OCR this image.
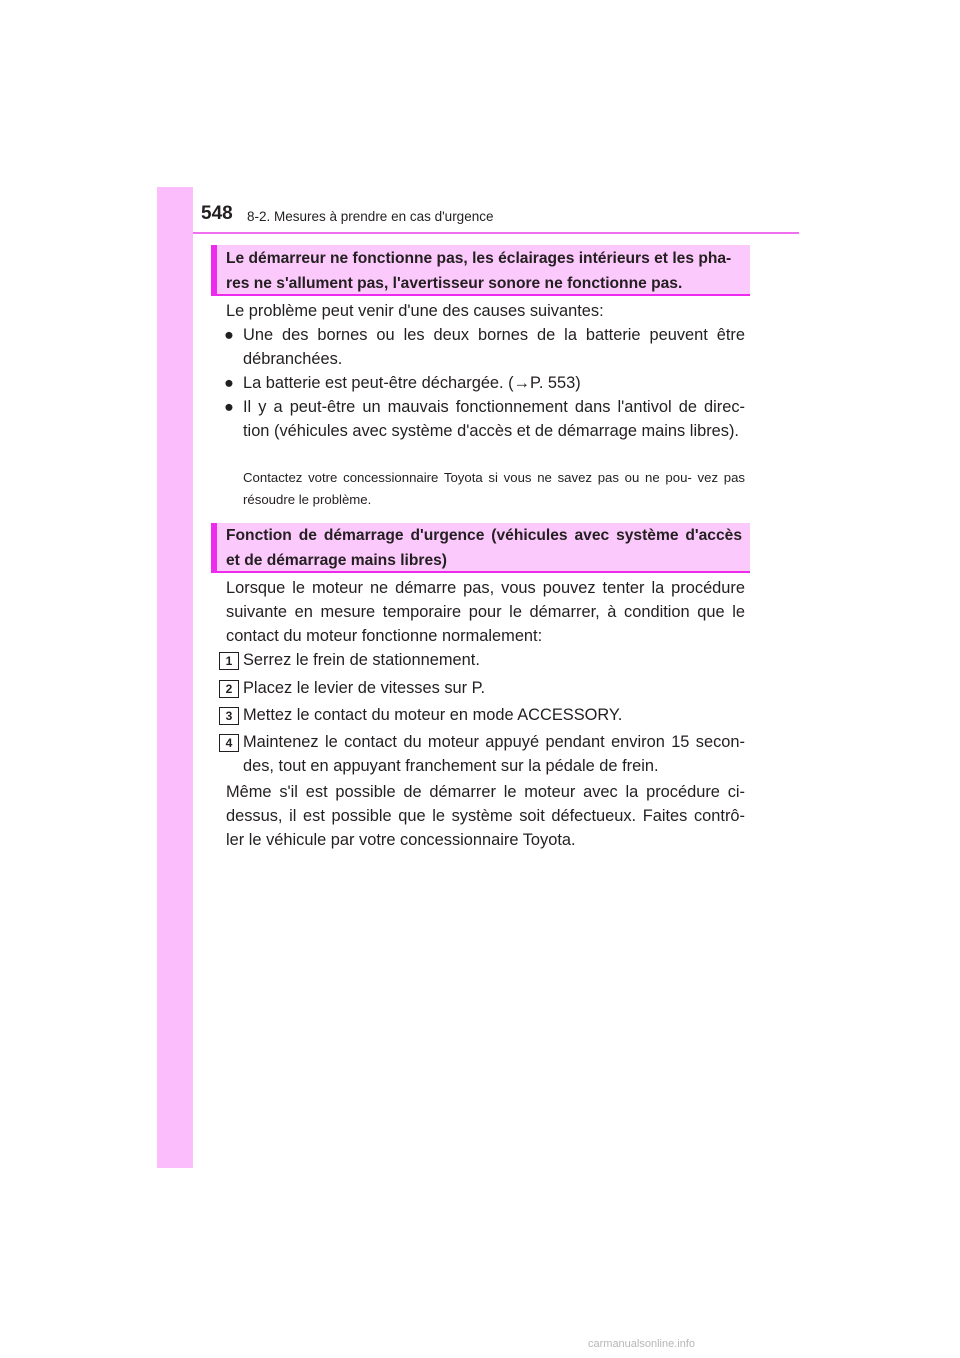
548 8-2. Mesures à prendre en cas d'urgence
Le démarreur ne fonctionne pas, les éclairages intérieurs et les pha- res ne s'allument pas, l'avertisseur sonore ne fonctionne pas.
Le problème peut venir d'une des causes suivantes:
● Une des bornes ou les deux bornes de la batterie peuvent être débranchées.
● La batterie est peut-être déchargée. (→P. 553)
● Il y a peut-être un mauvais fonctionnement dans l'antivol de direc- tion (véhicules avec système d'accès et de démarrage mains libres).
Contactez votre concessionnaire Toyota si vous ne savez pas ou ne pou- vez pas résoudre le problème.
Fonction de démarrage d'urgence (véhicules avec système d'accès et de démarrage mains libres)
Lorsque le moteur ne démarre pas, vous pouvez tenter la procédure suivante en mesure temporaire pour le démarrer, à condition que le contact du moteur fonctionne normalement:
1 Serrez le frein de stationnement.
2 Placez le levier de vitesses sur P.
3 Mettez le contact du moteur en mode ACCESSORY.
4 Maintenez le contact du moteur appuyé pendant environ 15 secon- des, tout en appuyant franchement sur la pédale de frein.
Même s'il est possible de démarrer le moteur avec la procédure ci- dessus, il est possible que le système soit défectueux. Faites contrô- ler le véhicule par votre concessionnaire Toyota.
carmanualsonline.info
